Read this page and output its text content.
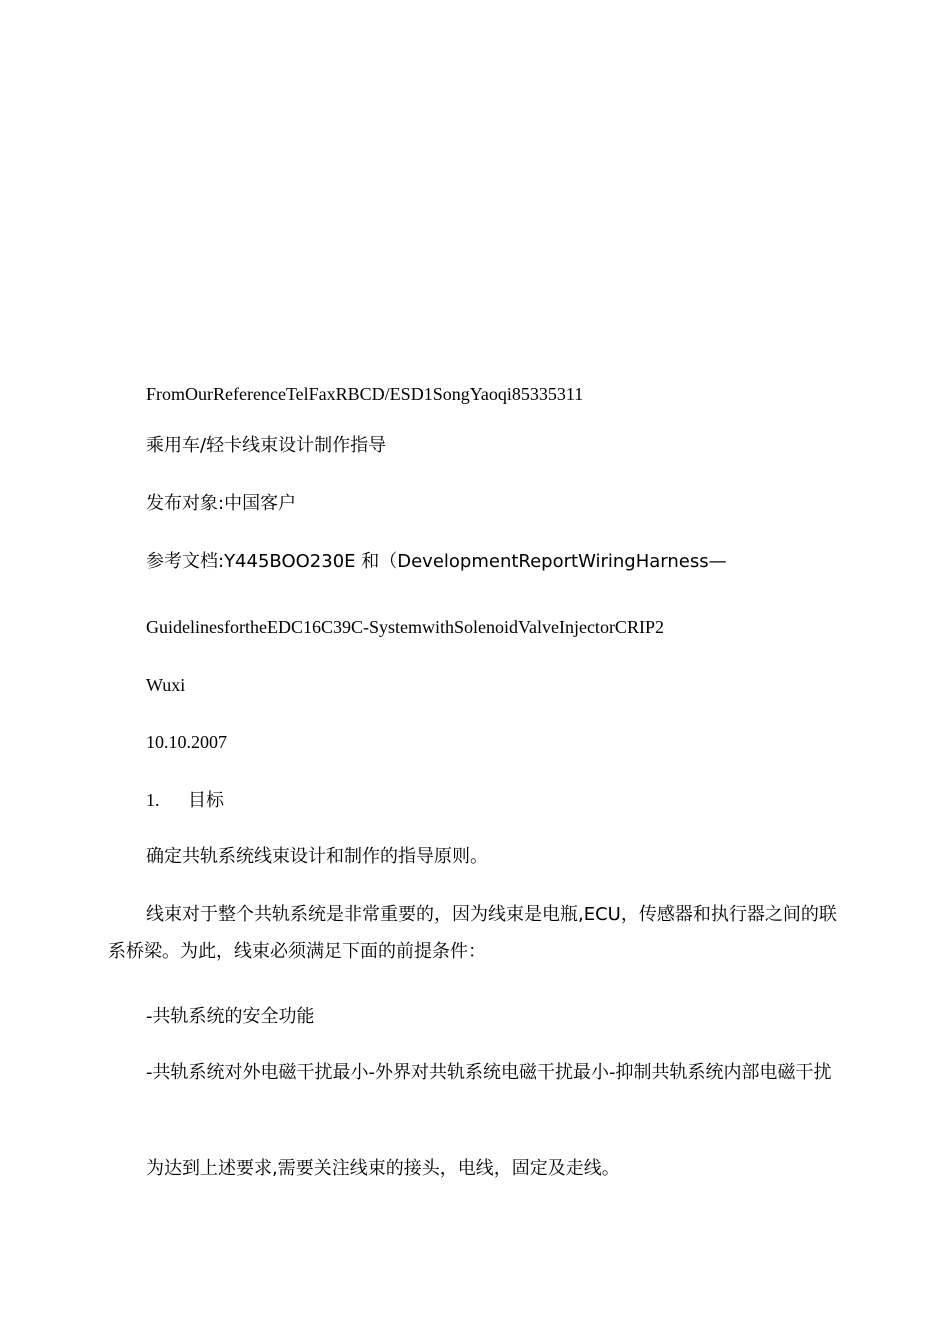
FromOurReferenceTelFaxRBCD/ESD1SongYaoqi85335311
乘用车/轻卡线束设计制作指导
发布对象:中国客户
参考文档:Y445BOO230E 和（DevelopmentReportWiringHarness—
GuidelinesfortheEDC16C39C-SystemwithSolenoidValveInjectorCRIP2
Wuxi
10.10.2007
1. 目标
确定共轨系统线束设计和制作的指导原则。
线束对于整个共轨系统是非常重要的，因为线束是电瓶,ECU，传感器和执行器之间的联系桥梁。为此，线束必须满足下面的前提条件：
-共轨系统的安全功能
-共轨系统对外电磁干扰最小-外界对共轨系统电磁干扰最小-抑制共轨系统内部电磁干扰
为达到上述要求,需要关注线束的接头，电线，固定及走线。
